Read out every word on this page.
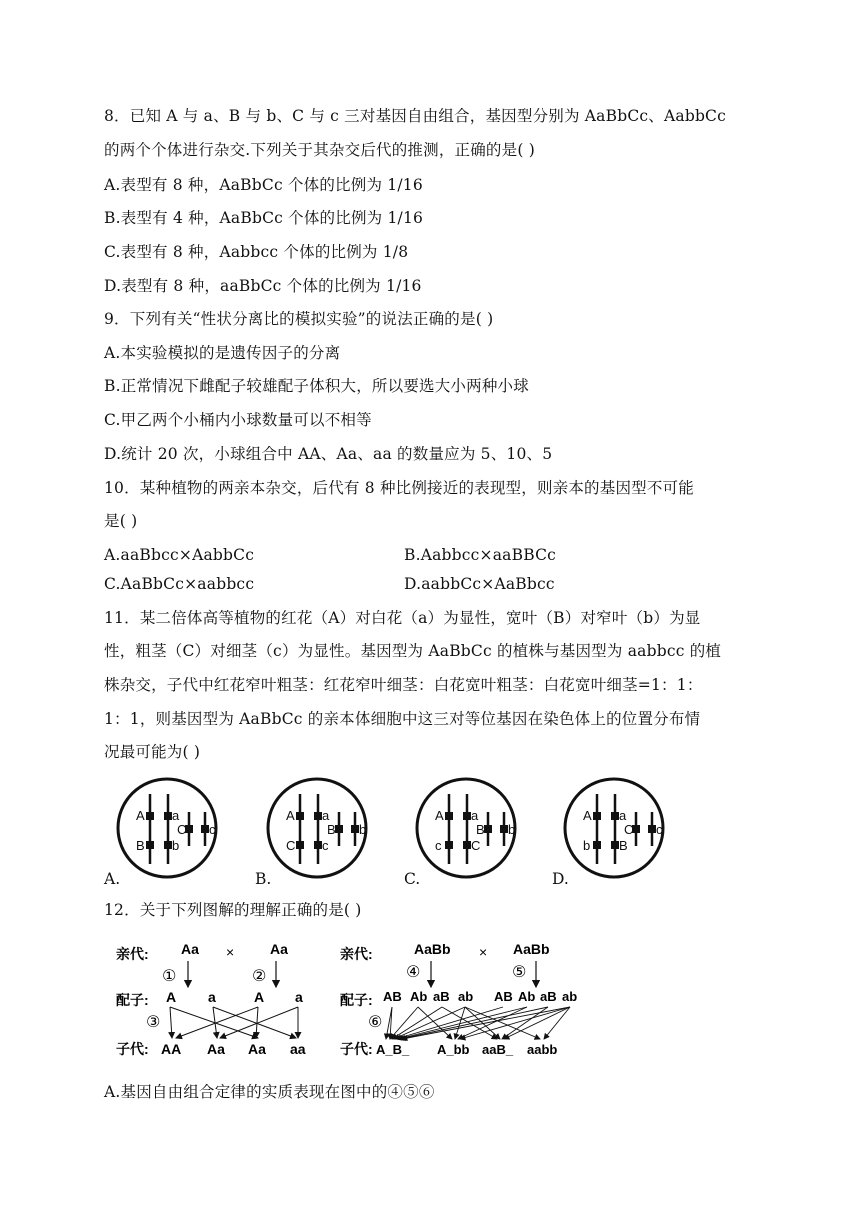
8．已知 A 与 a、B 与 b、C 与 c 三对基因自由组合，基因型分别为 AaBbCc、AabbCc
的两个个体进行杂交.下列关于其杂交后代的推测，正确的是( )
A.表型有 8 种，AaBbCc 个体的比例为 1/16
B.表型有 4 种，AaBbCc 个体的比例为 1/16
C.表型有 8 种，Aabbcc 个体的比例为 1/8
D.表型有 8 种，aaBbCc 个体的比例为 1/16
9．下列有关“性状分离比的模拟实验”的说法正确的是( )
A.本实验模拟的是遗传因子的分离
B.正常情况下雌配子较雄配子体积大，所以要选大小两种小球
C.甲乙两个小桶内小球数量可以不相等
D.统计 20 次，小球组合中 AA、Aa、aa 的数量应为 5、10、5
10．某种植物的两亲本杂交，后代有 8 种比例接近的表现型，则亲本的基因型不可能
是( )
A.aaBbcc×AabbCc	B.Aabbcc×aaBBCc
C.AaBbCc×aabbcc	D.aabbCc×AaBbcc
11．某二倍体高等植物的红花（A）对白花（a）为显性，宽叶（B）对窄叶（b）为显
性，粗茎（C）对细茎（c）为显性。基因型为 AaBbCc 的植株与基因型为 aabbcc 的植
株杂交，子代中红花窄叶粗茎：红花窄叶细茎：白花宽叶粗茎：白花宽叶细茎=1：1：
1：1，则基因型为 AaBbCc 的亲本体细胞中这三对等位基因在染色体上的位置分布情
况最可能为( )
A a
B b
C c
A a
C c
B b
A a
c C
B b
A a
b B
C c
A.	B.	C.	D.
12．关于下列图解的理解正确的是( )
亲代: Aa ×	Aa
①	②
配子: A a	A a
③
子代: AA Aa Aa aa
亲代:	AaBb × AaBb
④	⑤
配子: AB Ab aB ab AB Ab aB ab
⑥
子代: A_B_ A_bb aaB_ aabb
A.基因自由组合定律的实质表现在图中的④⑤⑥
